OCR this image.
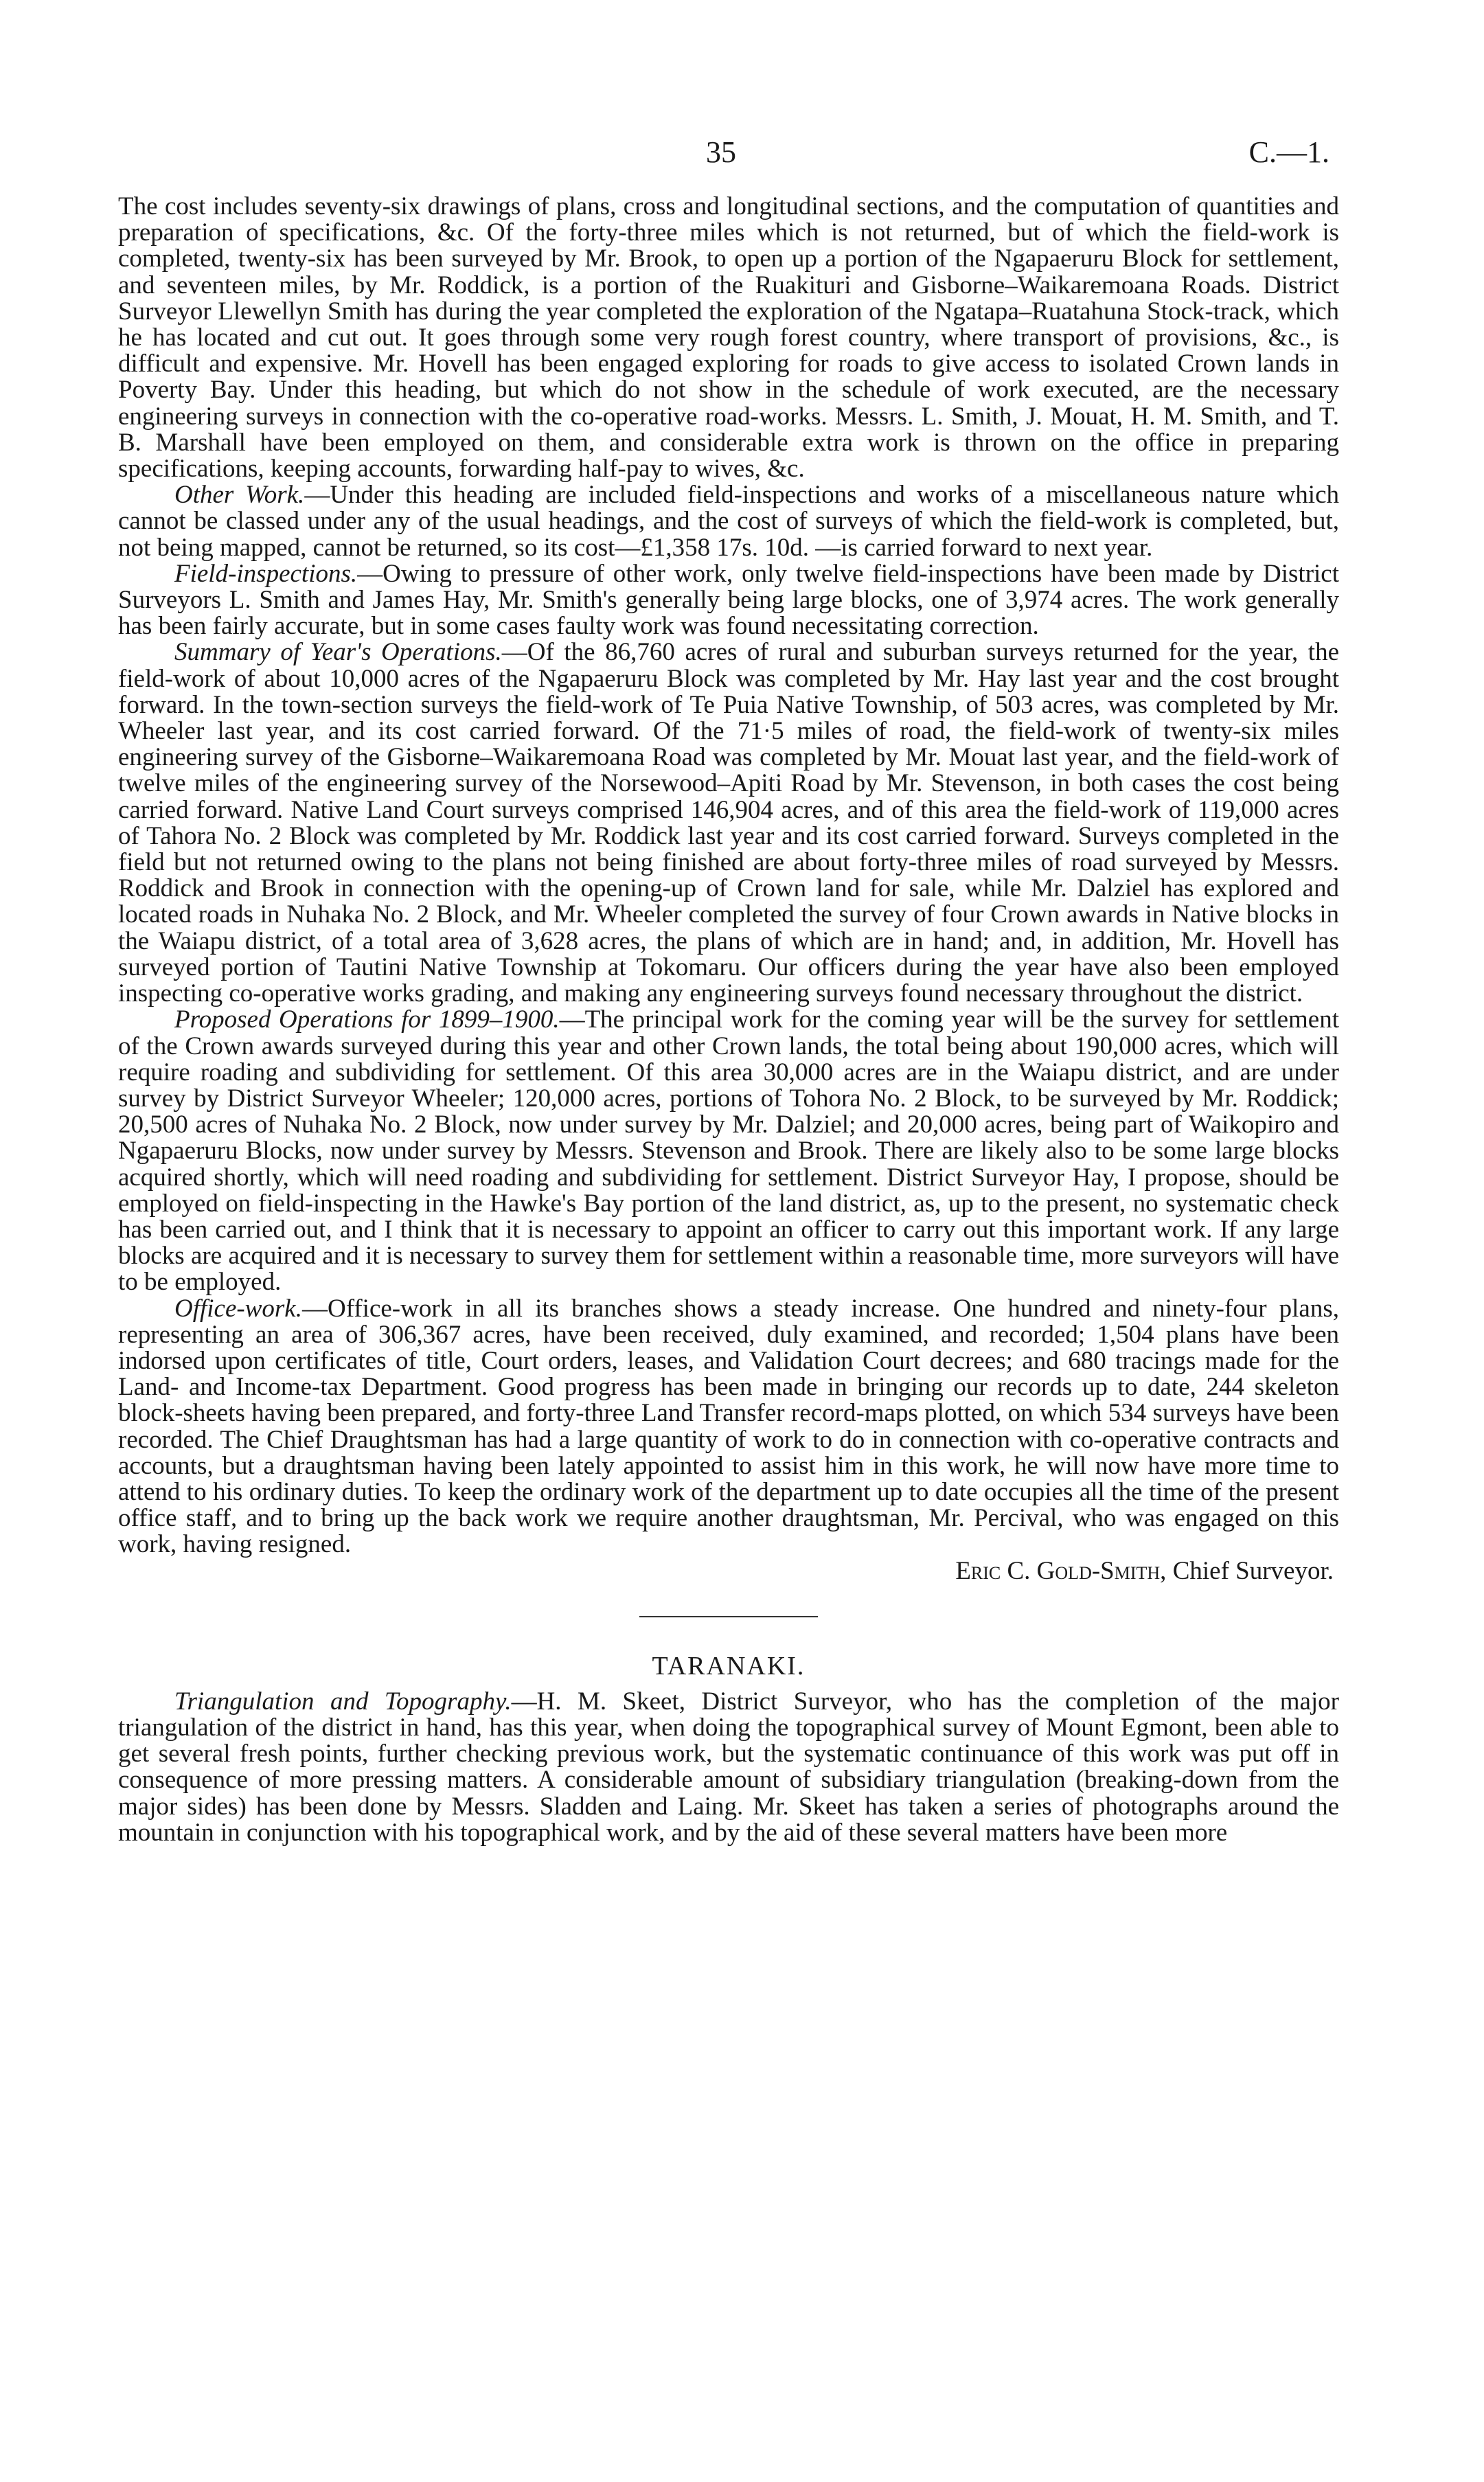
35	C.—1.

The cost includes seventy-six drawings of plans, cross and longitudinal sections, and the computation of quantities and preparation of specifications, &c. Of the forty-three miles which is not returned, but of which the field-work is completed, twenty-six has been surveyed by Mr. Brook, to open up a portion of the Ngapaeruru Block for settlement, and seventeen miles, by Mr. Roddick, is a portion of the Ruakituri and Gisborne–Waikaremoana Roads. District Surveyor Llewellyn Smith has during the year completed the exploration of the Ngatapa–Ruatahuna Stock-track, which he has located and cut out. It goes through some very rough forest country, where transport of provisions, &c., is difficult and expensive. Mr. Hovell has been engaged exploring for roads to give access to isolated Crown lands in Poverty Bay. Under this heading, but which do not show in the schedule of work executed, are the necessary engineering surveys in connection with the co-operative road-works. Messrs. L. Smith, J. Mouat, H. M. Smith, and T. B. Marshall have been employed on them, and considerable extra work is thrown on the office in preparing specifications, keeping accounts, forwarding half-pay to wives, &c.

Other Work.—Under this heading are included field-inspections and works of a miscellaneous nature which cannot be classed under any of the usual headings, and the cost of surveys of which the field-work is completed, but, not being mapped, cannot be returned, so its cost—£1,358 17s. 10d. —is carried forward to next year.

Field-inspections.—Owing to pressure of other work, only twelve field-inspections have been made by District Surveyors L. Smith and James Hay, Mr. Smith's generally being large blocks, one of 3,974 acres. The work generally has been fairly accurate, but in some cases faulty work was found necessitating correction.

Summary of Year's Operations.—Of the 86,760 acres of rural and suburban surveys returned for the year, the field-work of about 10,000 acres of the Ngapaeruru Block was completed by Mr. Hay last year and the cost brought forward. In the town-section surveys the field-work of Te Puia Native Township, of 503 acres, was completed by Mr. Wheeler last year, and its cost carried forward. Of the 71·5 miles of road, the field-work of twenty-six miles engineering survey of the Gisborne–Waikaremoana Road was completed by Mr. Mouat last year, and the field-work of twelve miles of the engineering survey of the Norsewood–Apiti Road by Mr. Stevenson, in both cases the cost being carried forward. Native Land Court surveys comprised 146,904 acres, and of this area the field-work of 119,000 acres of Tahora No. 2 Block was completed by Mr. Roddick last year and its cost carried forward. Surveys completed in the field but not returned owing to the plans not being finished are about forty-three miles of road surveyed by Messrs. Roddick and Brook in connection with the opening-up of Crown land for sale, while Mr. Dalziel has explored and located roads in Nuhaka No. 2 Block, and Mr. Wheeler completed the survey of four Crown awards in Native blocks in the Waiapu district, of a total area of 3,628 acres, the plans of which are in hand; and, in addition, Mr. Hovell has surveyed portion of Tautini Native Township at Tokomaru. Our officers during the year have also been employed inspecting co-operative works grading, and making any engineering surveys found necessary throughout the district.

Proposed Operations for 1899–1900.—The principal work for the coming year will be the survey for settlement of the Crown awards surveyed during this year and other Crown lands, the total being about 190,000 acres, which will require roading and subdividing for settlement. Of this area 30,000 acres are in the Waiapu district, and are under survey by District Surveyor Wheeler; 120,000 acres, portions of Tohora No. 2 Block, to be surveyed by Mr. Roddick; 20,500 acres of Nuhaka No. 2 Block, now under survey by Mr. Dalziel; and 20,000 acres, being part of Waikopiro and Ngapaeruru Blocks, now under survey by Messrs. Stevenson and Brook. There are likely also to be some large blocks acquired shortly, which will need roading and subdividing for settlement. District Surveyor Hay, I propose, should be employed on field-inspecting in the Hawke's Bay portion of the land district, as, up to the present, no systematic check has been carried out, and I think that it is necessary to appoint an officer to carry out this important work. If any large blocks are acquired and it is necessary to survey them for settlement within a reasonable time, more surveyors will have to be employed.

Office-work.—Office-work in all its branches shows a steady increase. One hundred and ninety-four plans, representing an area of 306,367 acres, have been received, duly examined, and recorded; 1,504 plans have been indorsed upon certificates of title, Court orders, leases, and Validation Court decrees; and 680 tracings made for the Land- and Income-tax Department. Good progress has been made in bringing our records up to date, 244 skeleton block-sheets having been prepared, and forty-three Land Transfer record-maps plotted, on which 534 surveys have been recorded. The Chief Draughtsman has had a large quantity of work to do in connection with co-operative contracts and accounts, but a draughtsman having been lately appointed to assist him in this work, he will now have more time to attend to his ordinary duties. To keep the ordinary work of the department up to date occupies all the time of the present office staff, and to bring up the back work we require another draughtsman, Mr. Percival, who was engaged on this work, having resigned.

Eric C. Gold-Smith, Chief Surveyor.

TARANAKI.

Triangulation and Topography.—H. M. Skeet, District Surveyor, who has the completion of the major triangulation of the district in hand, has this year, when doing the topographical survey of Mount Egmont, been able to get several fresh points, further checking previous work, but the systematic continuance of this work was put off in consequence of more pressing matters. A considerable amount of subsidiary triangulation (breaking-down from the major sides) has been done by Messrs. Sladden and Laing. Mr. Skeet has taken a series of photographs around the mountain in conjunction with his topographical work, and by the aid of these several matters have been more
